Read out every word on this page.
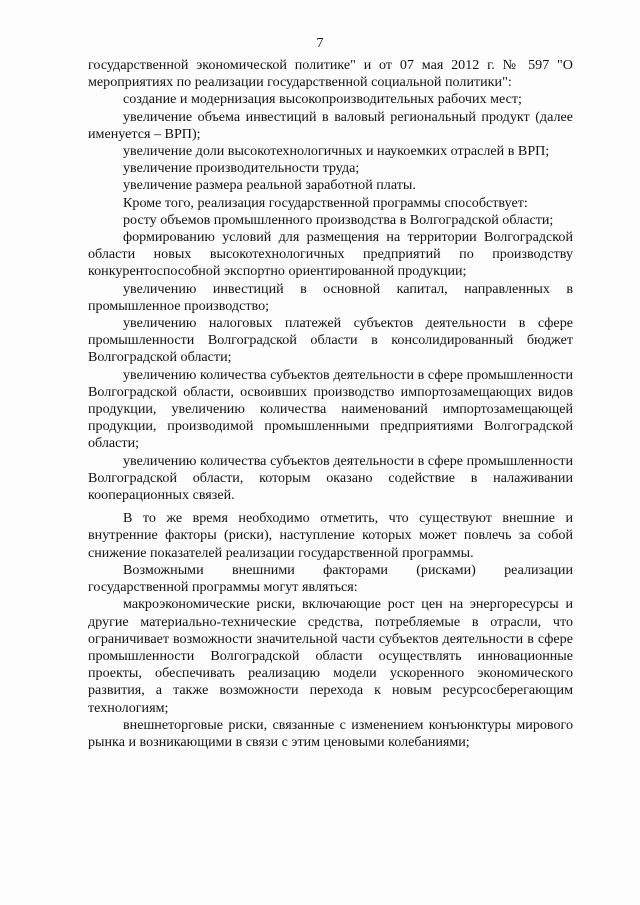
7

государственной экономической политике" и от 07 мая 2012 г. № 597 "О мероприятиях по реализации государственной социальной политики":

создание и модернизация высокопроизводительных рабочих мест;

увеличение объема инвестиций в валовый региональный продукт (далее именуется – ВРП);

увеличение доли высокотехнологичных и наукоемких отраслей в ВРП;

увеличение производительности труда;

увеличение размера реальной заработной платы.

Кроме того, реализация государственной программы способствует:

росту объемов промышленного производства в Волгоградской области;

формированию условий для размещения на территории Волгоградской области новых высокотехнологичных предприятий по производству конкурентоспособной экспортно ориентированной продукции;

увеличению инвестиций в основной капитал, направленных в промышленное производство;

увеличению налоговых платежей субъектов деятельности в сфере промышленности Волгоградской области в консолидированный бюджет Волгоградской области;

увеличению количества субъектов деятельности в сфере промышленности Волгоградской области, освоивших производство импортозамещающих видов продукции, увеличению количества наименований импортозамещающей продукции, производимой промышленными предприятиями Волгоградской области;

увеличению количества субъектов деятельности в сфере промышленности Волгоградской области, которым оказано содействие в налаживании кооперационных связей.

В то же время необходимо отметить, что существуют внешние и внутренние факторы (риски), наступление которых может повлечь за собой снижение показателей реализации государственной программы.

Возможными внешними факторами (рисками) реализации государственной программы могут являться:

макроэкономические риски, включающие рост цен на энергоресурсы и другие материально-технические средства, потребляемые в отрасли, что ограничивает возможности значительной части субъектов деятельности в сфере промышленности Волгоградской области осуществлять инновационные проекты, обеспечивать реализацию модели ускоренного экономического развития, а также возможности перехода к новым ресурсосберегающим технологиям;

внешнеторговые риски, связанные с изменением конъюнктуры мирового рынка и возникающими в связи с этим ценовыми колебаниями;
